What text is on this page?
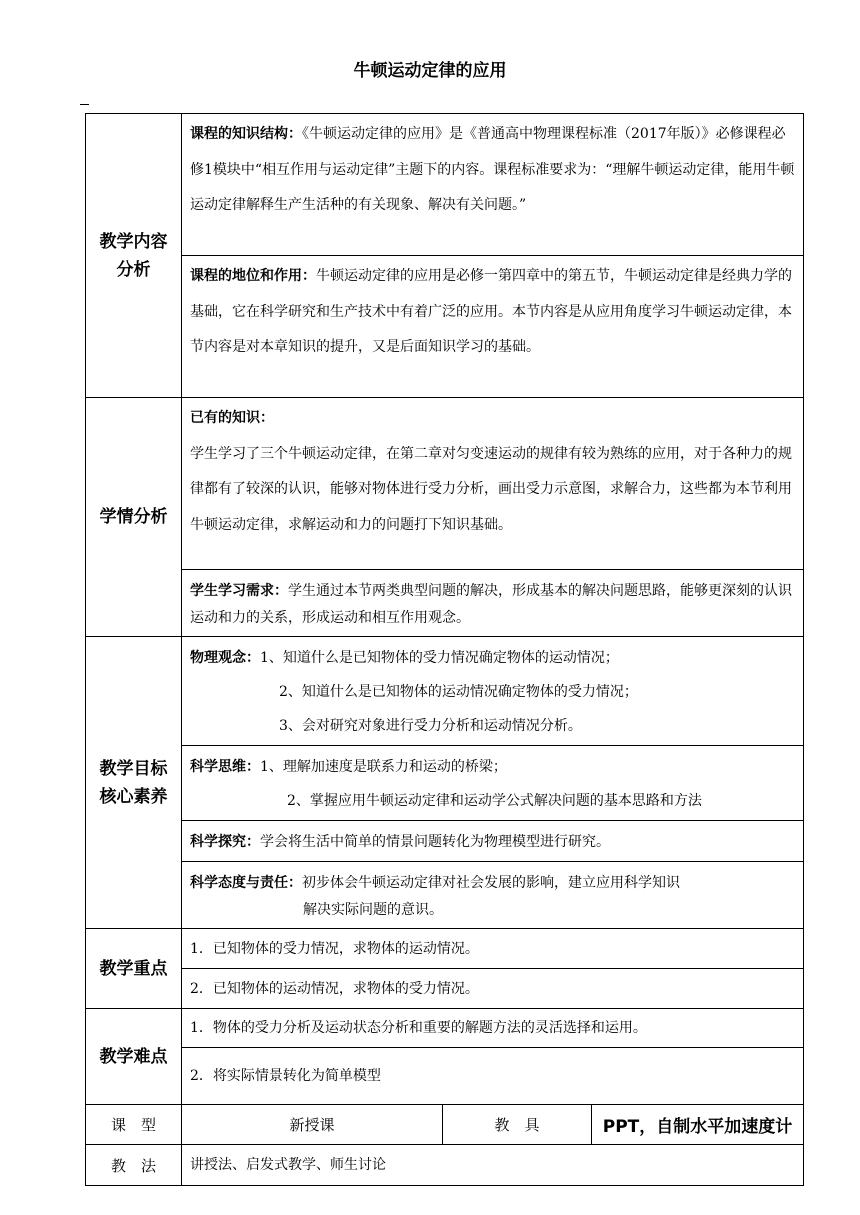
牛顿运动定律的应用
教学内容
分析	课程的知识结构：《牛顿运动定律的应用》是《普通高中物理课程标准（2017年版）》必修课程必修1模块中“相互作用与运动定律”主题下的内容。课程标准要求为：“理解牛顿运动定律，能用牛顿运动定律解释生产生活种的有关现象、解决有关问题。”		
	课程的地位和作用：牛顿运动定律的应用是必修一第四章中的第五节，牛顿运动定律是经典力学的基础，它在科学研究和生产技术中有着广泛的应用。本节内容是从应用角度学习牛顿运动定律，本节内容是对本章知识的提升，又是后面知识学习的基础。		
学情分析	已有的知识：
学生学习了三个牛顿运动定律，在第二章对匀变速运动的规律有较为熟练的应用，对于各种力的规律都有了较深的认识，能够对物体进行受力分析，画出受力示意图，求解合力，这些都为本节利用牛顿运动定律，求解运动和力的问题打下知识基础。		
	学生学习需求：学生通过本节两类典型问题的解决，形成基本的解决问题思路，能够更深刻的认识运动和力的关系，形成运动和相互作用观念。		
教学目标
核心素养	物理观念：1、知道什么是已知物体的受力情况确定物体的运动情况；
2、知道什么是已知物体的运动情况确定物体的受力情况；
3、会对研究对象进行受力分析和运动情况分析。		

	科学思维：1、理解加速度是联系力和运动的桥梁；
2、掌握应用牛顿运动定律和运动学公式解决问题的基本思路和方法		

	科学探究：学会将生活中简单的情景问题转化为物理模型进行研究。		
	科学态度与责任：初步体会牛顿运动定律对社会发展的影响，建立应用科学知识
解决实际问题的意识。		

教学重点	1．已知物体的受力情况，求物体的运动情况。		
	2．已知物体的运动情况，求物体的受力情况。		
教学难点	1．物体的受力分析及运动状态分析和重要的解题方法的灵活选择和运用。		
	2．将实际情景转化为简单模型		
课　型	新授课	教　具	PPT，自制水平加速度计
教　法	讲授法、启发式教学、师生讨论		
